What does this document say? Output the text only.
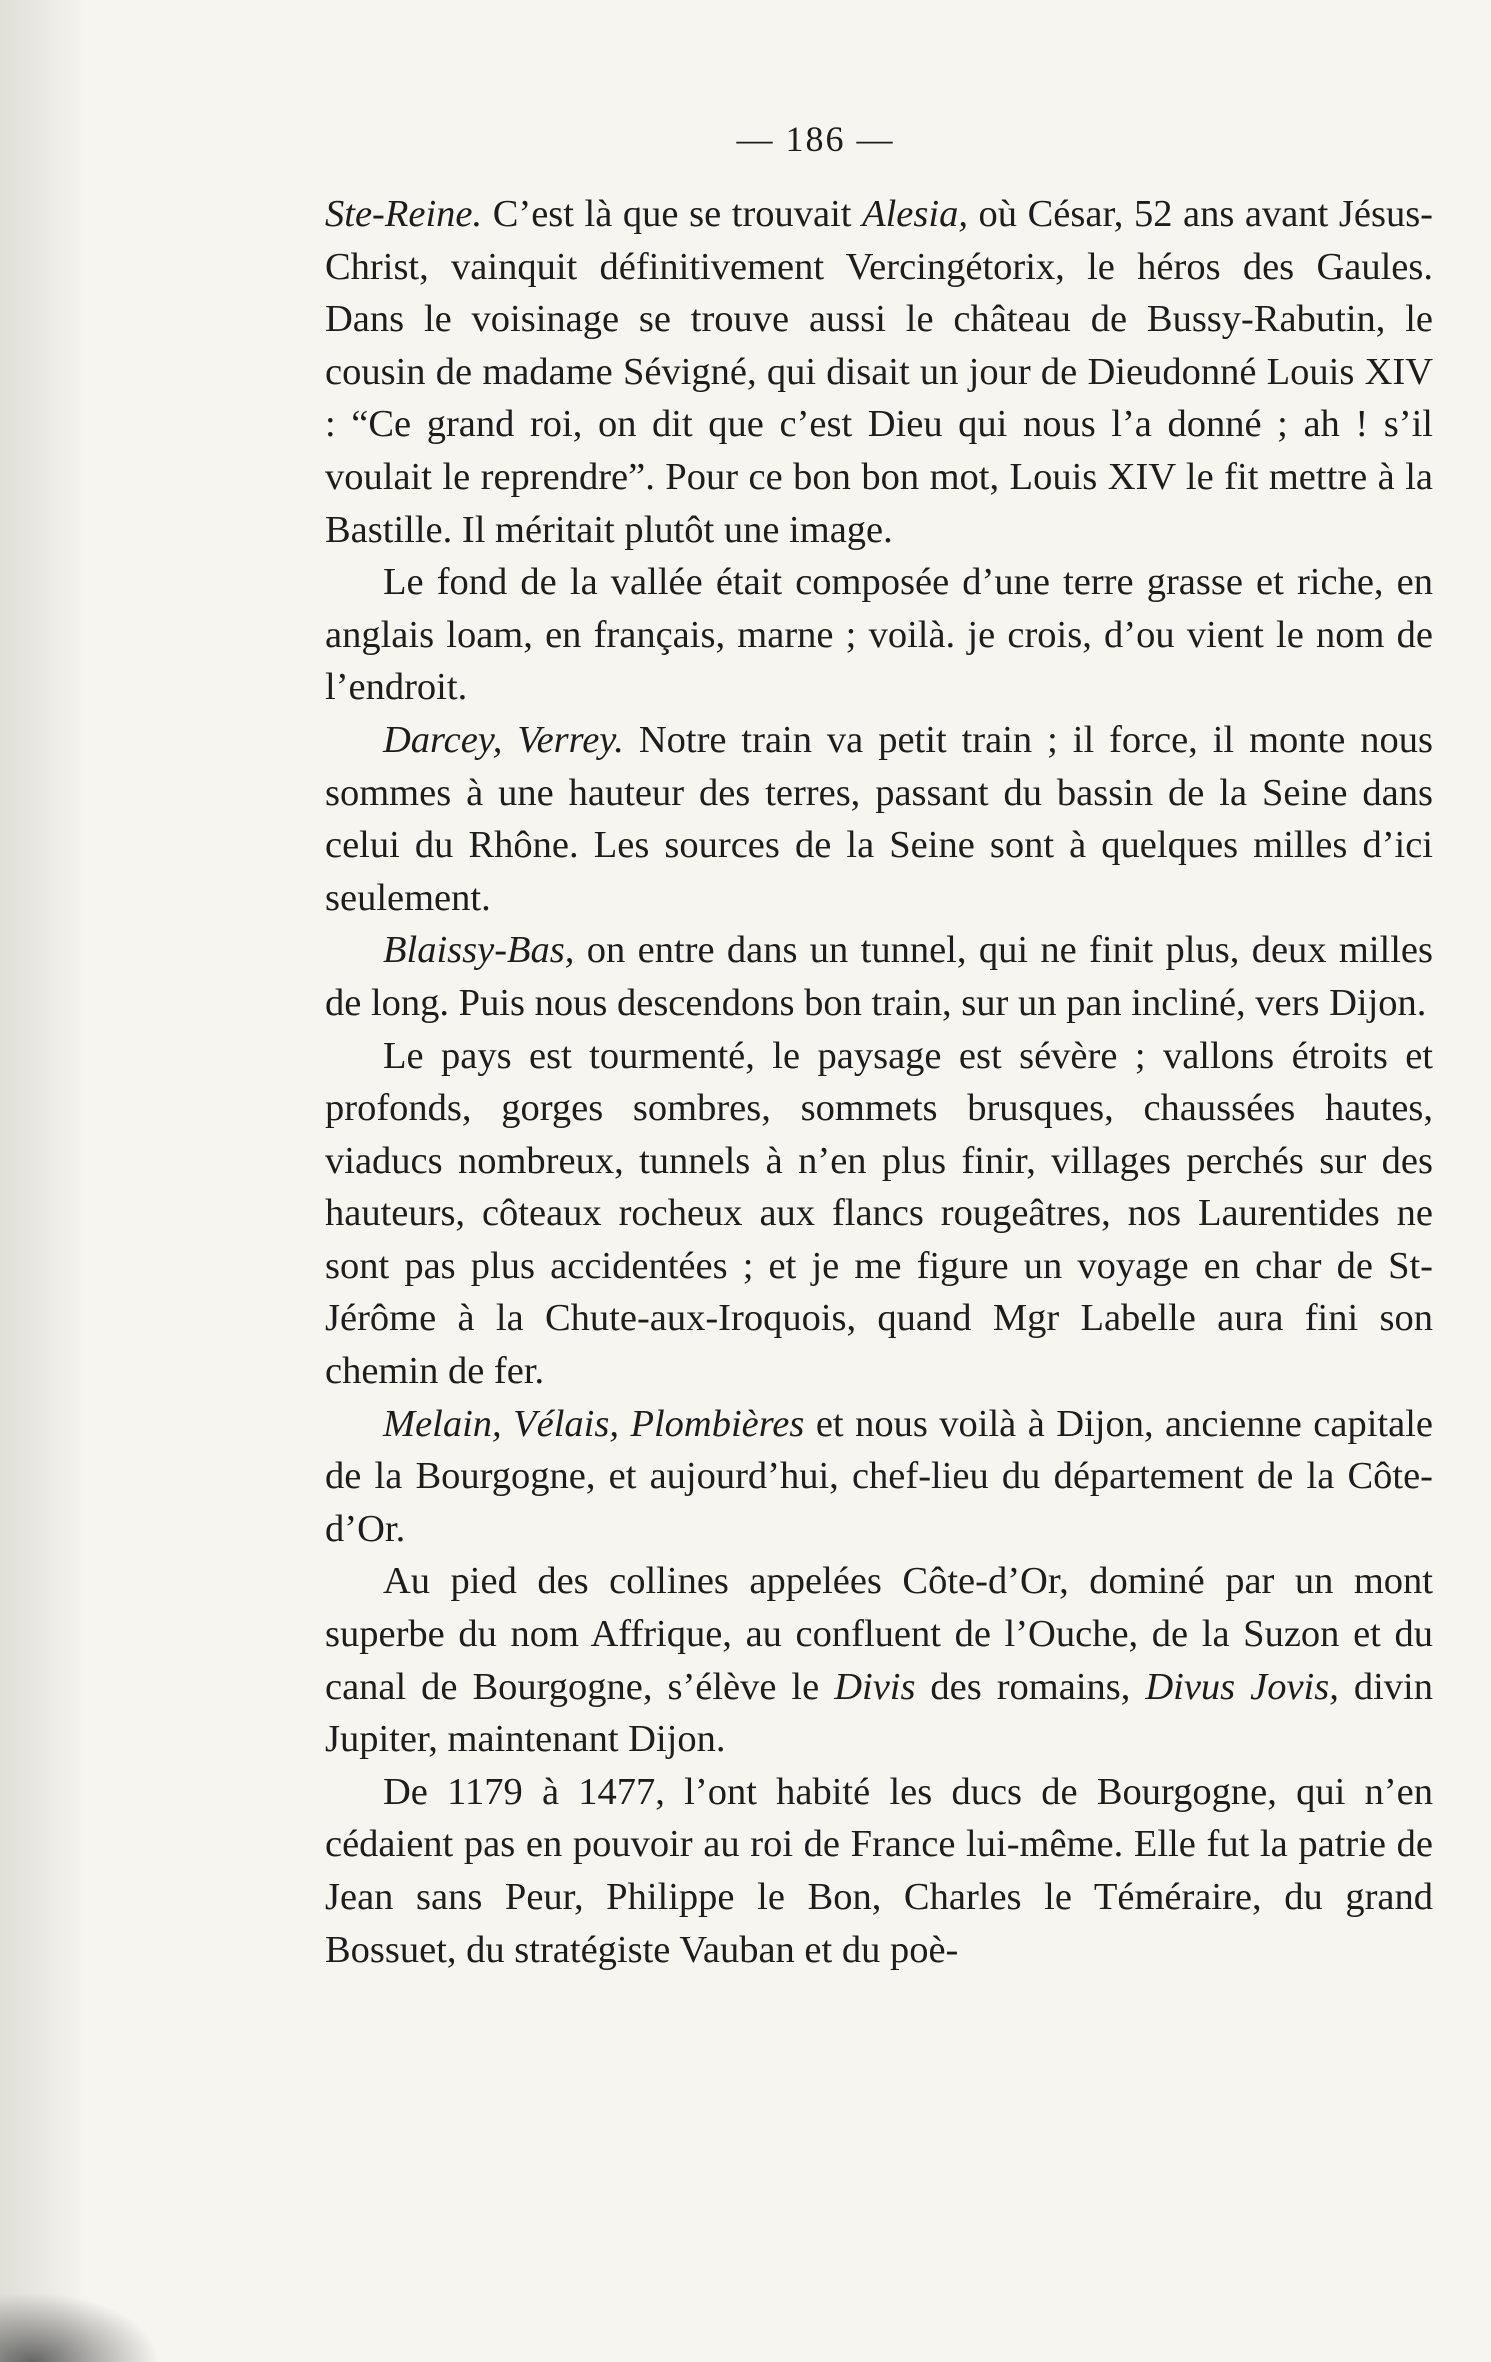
— 186 —

Ste-Reine. C’est là que se trouvait Alesia, où César, 52 ans avant Jésus-Christ, vainquit définitivement Vercingétorix, le héros des Gaules. Dans le voisinage se trouve aussi le château de Bussy-Rabutin, le cousin de madame Sévigné, qui disait un jour de Dieudonné Louis XIV : “Ce grand roi, on dit que c’est Dieu qui nous l’a donné ; ah ! s’il voulait le reprendre”. Pour ce bon bon mot, Louis XIV le fit mettre à la Bastille. Il méritait plutôt une image.

Le fond de la vallée était composée d’une terre grasse et riche, en anglais loam, en français, marne ; voilà. je crois, d’ou vient le nom de l’endroit.

Darcey, Verrey. Notre train va petit train ; il force, il monte nous sommes à une hauteur des terres, passant du bassin de la Seine dans celui du Rhône. Les sources de la Seine sont à quelques milles d’ici seulement.

Blaissy-Bas, on entre dans un tunnel, qui ne finit plus, deux milles de long. Puis nous descendons bon train, sur un pan incliné, vers Dijon.

Le pays est tourmenté, le paysage est sévère ; vallons étroits et profonds, gorges sombres, sommets brusques, chaussées hautes, viaducs nombreux, tunnels à n’en plus finir, villages perchés sur des hauteurs, côteaux rocheux aux flancs rougeâtres, nos Laurentides ne sont pas plus accidentées ; et je me figure un voyage en char de St-Jérôme à la Chute-aux-Iroquois, quand Mgr Labelle aura fini son chemin de fer.

Melain, Vélais, Plombières et nous voilà à Dijon, ancienne capitale de la Bourgogne, et aujourd’hui, chef-lieu du département de la Côte-d’Or.

Au pied des collines appelées Côte-d’Or, dominé par un mont superbe du nom Affrique, au confluent de l’Ouche, de la Suzon et du canal de Bourgogne, s’élève le Divis des romains, Divus Jovis, divin Jupiter, maintenant Dijon.

De 1179 à 1477, l’ont habité les ducs de Bourgogne, qui n’en cédaient pas en pouvoir au roi de France lui-même. Elle fut la patrie de Jean sans Peur, Philippe le Bon, Charles le Téméraire, du grand Bossuet, du stratégiste Vauban et du poè-
